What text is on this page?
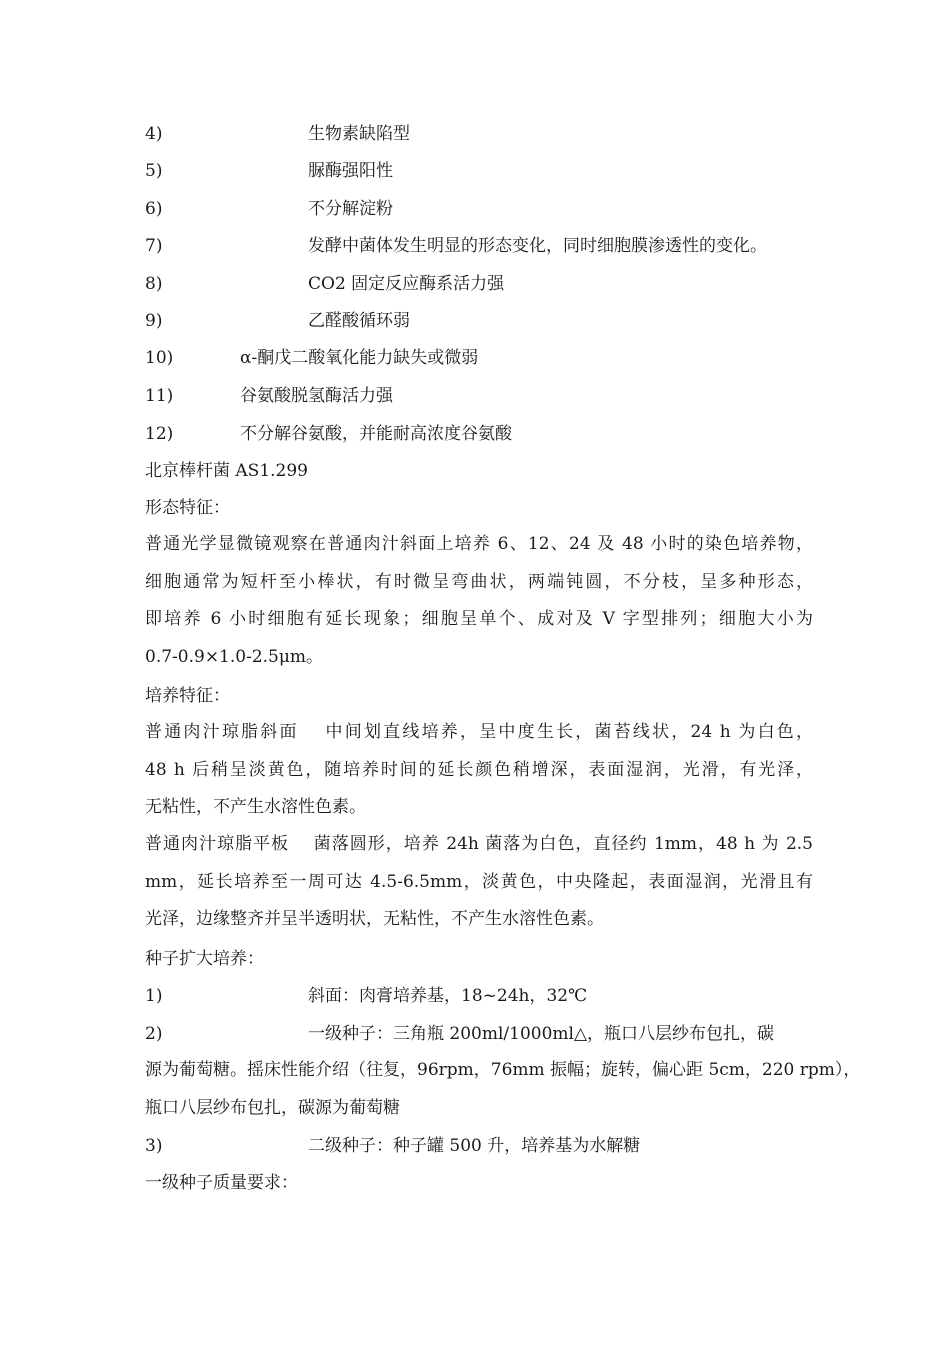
4)	生物素缺陷型
5)	脲酶强阳性
6)	不分解淀粉
7)	发酵中菌体发生明显的形态变化，同时细胞膜渗透性的变化。
8)	CO2 固定反应酶系活力强
9)	乙醛酸循环弱
10)	α-酮戊二酸氧化能力缺失或微弱
11)	谷氨酸脱氢酶活力强
12)	不分解谷氨酸，并能耐高浓度谷氨酸
北京棒杆菌 AS1.299
形态特征：
普通光学显微镜观察在普通肉汁斜面上培养 6、12、24 及 48 小时的染色培养物，
细胞通常为短杆至小棒状，有时微呈弯曲状，两端钝圆，不分枝，呈多种形态，
即培养 6 小时细胞有延长现象；细胞呈单个、成对及 V 字型排列；细胞大小为
0.7-0.9×1.0-2.5μm。
培养特征：
普通肉汁琼脂斜面　 中间划直线培养，呈中度生长，菌苔线状，24 h 为白色，
48 h 后稍呈淡黄色，随培养时间的延长颜色稍增深，表面湿润，光滑，有光泽，
无粘性，不产生水溶性色素。
普通肉汁琼脂平板　 菌落圆形，培养 24h 菌落为白色，直径约 1mm，48 h 为 2.5
mm，延长培养至一周可达 4.5-6.5mm，淡黄色，中央隆起，表面湿润，光滑且有
光泽，边缘整齐并呈半透明状，无粘性，不产生水溶性色素。
种子扩大培养：
1)	斜面：肉膏培养基，18~24h，32℃
2)	一级种子：三角瓶 200ml/1000ml△，瓶口八层纱布包扎，碳
源为葡萄糖。摇床性能介绍（往复，96rpm，76mm 振幅；旋转，偏心距 5cm，220 rpm），
瓶口八层纱布包扎，碳源为葡萄糖
3)	二级种子：种子罐 500 升，培养基为水解糖
一级种子质量要求：
